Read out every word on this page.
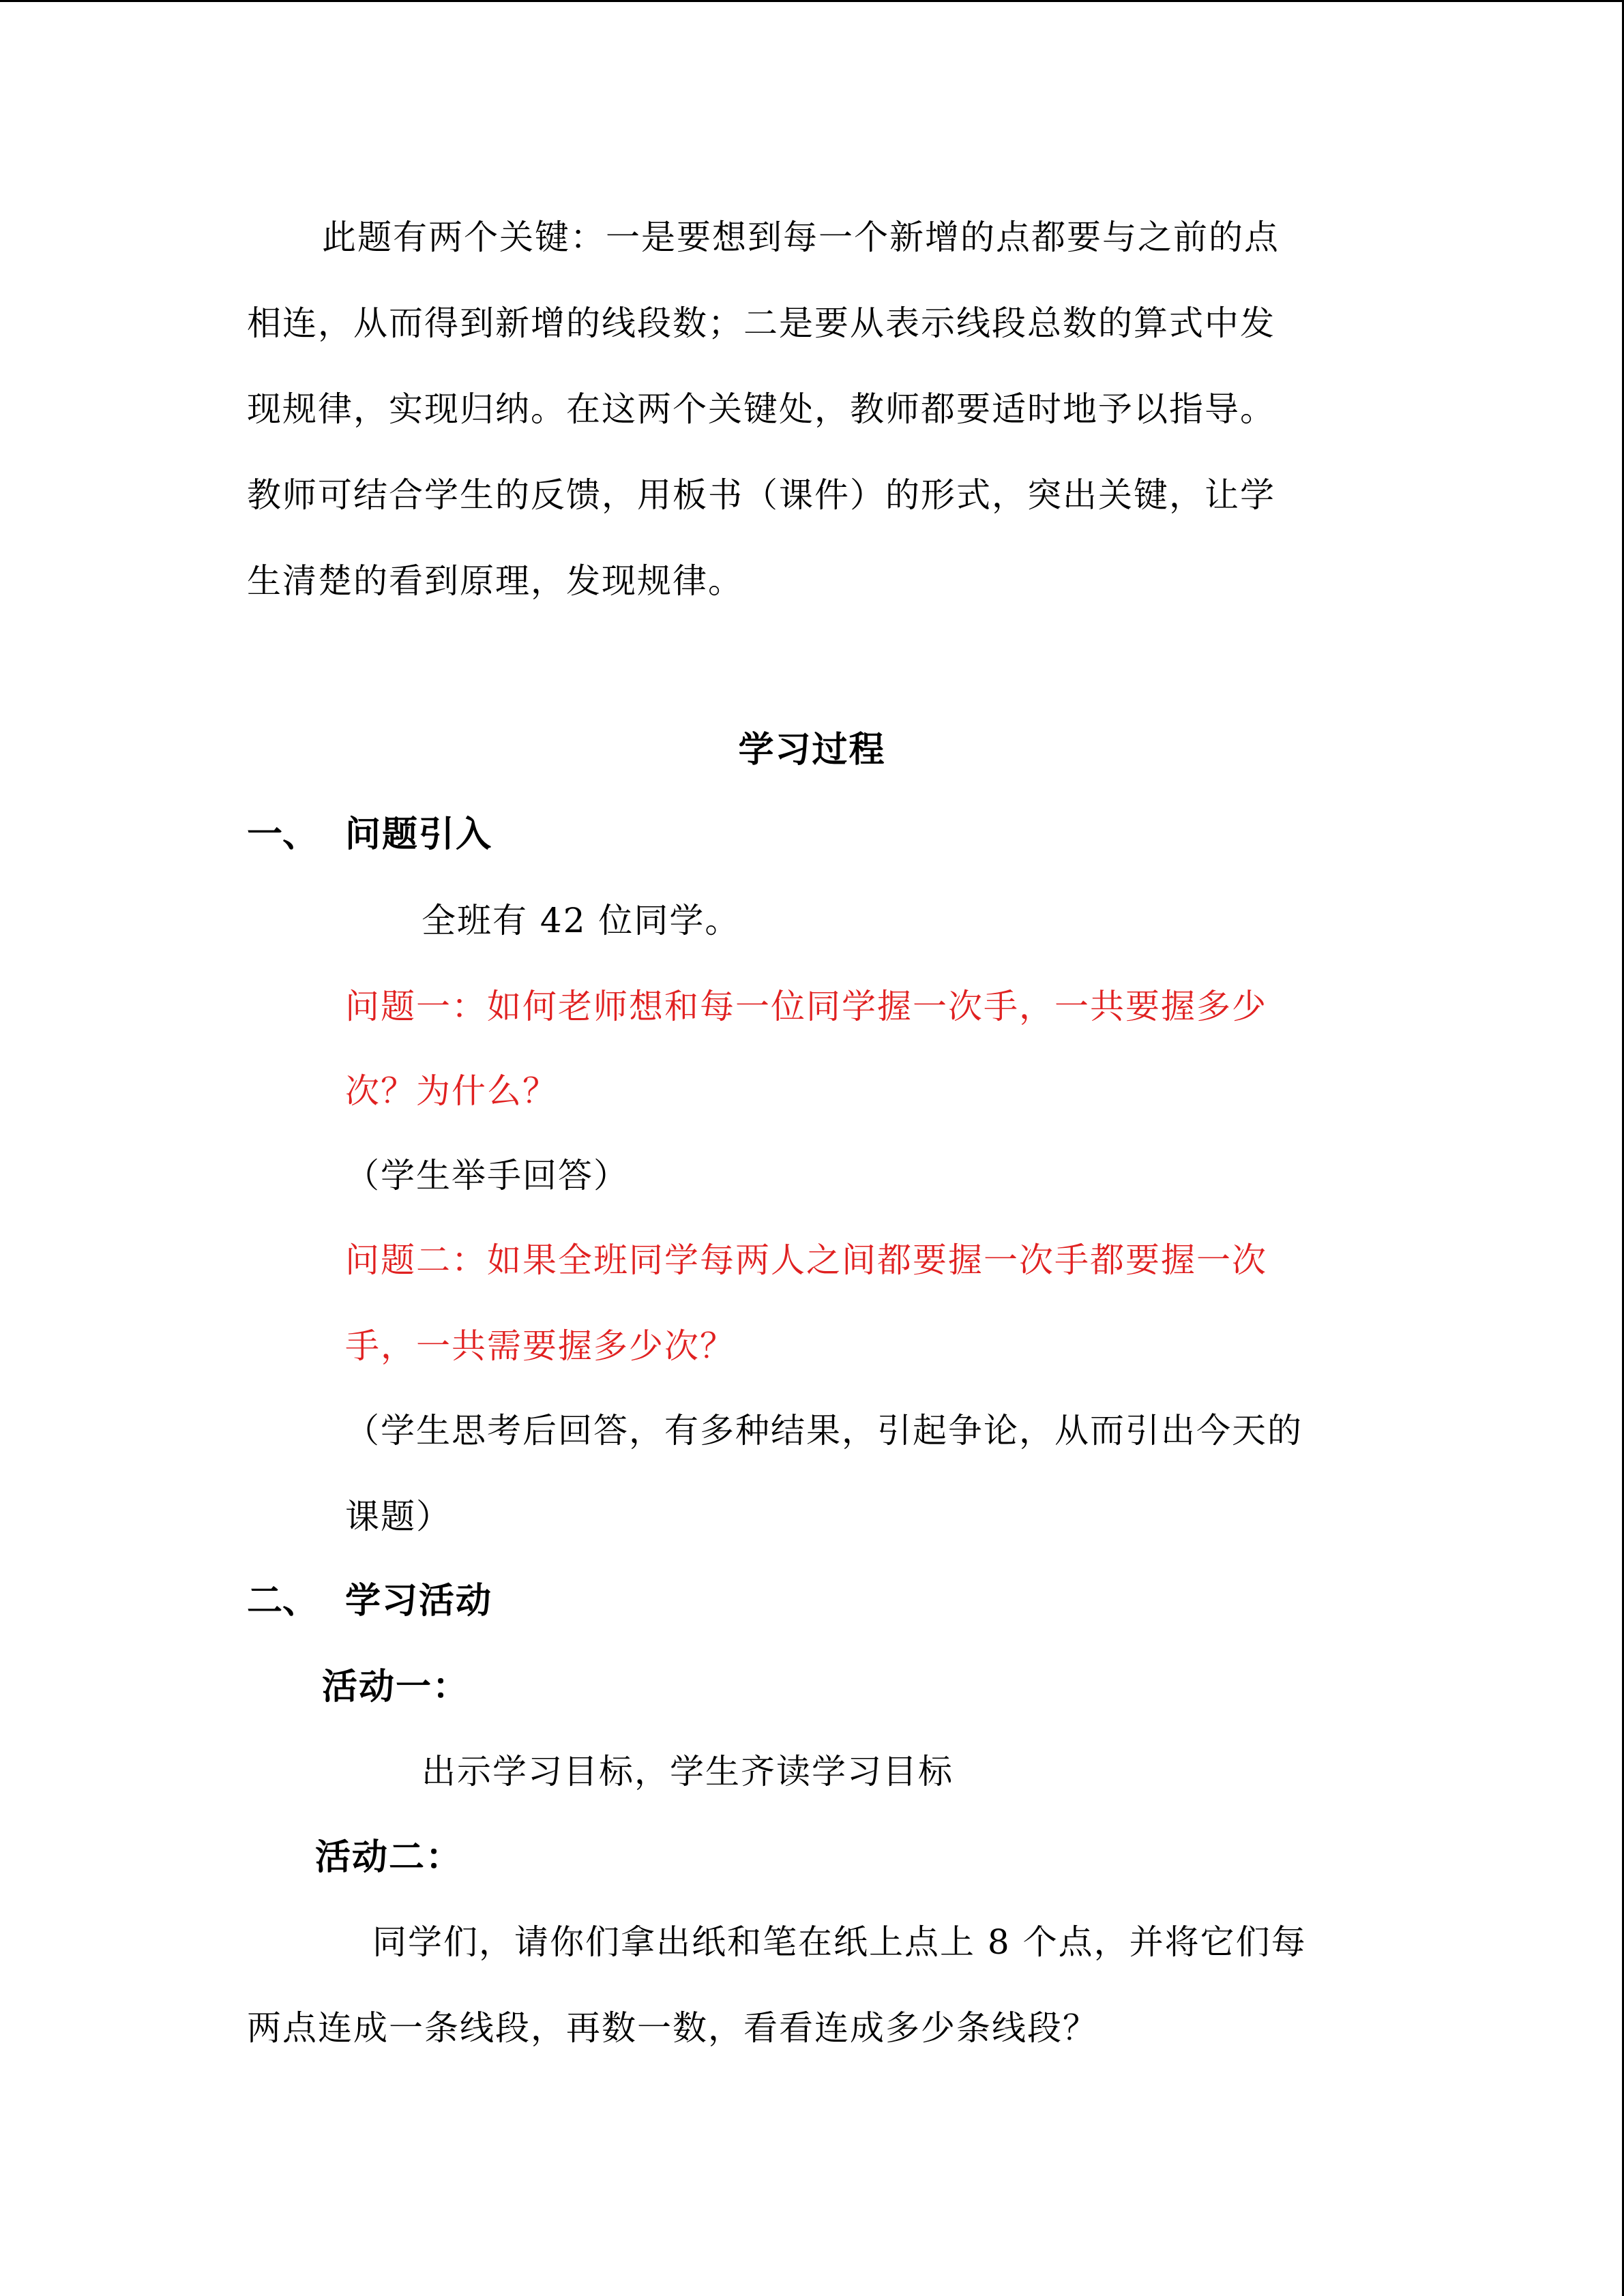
此题有两个关键：一是要想到每一个新增的点都要与之前的点
相连，从而得到新增的线段数；二是要从表示线段总数的算式中发
现规律，实现归纳。在这两个关键处，教师都要适时地予以指导。
教师可结合学生的反馈，用板书（课件）的形式，突出关键，让学
生清楚的看到原理，发现规律。
学习过程
一、 问题引入
全班有 42 位同学。
问题一：如何老师想和每一位同学握一次手，一共要握多少
次？为什么？
（学生举手回答）
问题二：如果全班同学每两人之间都要握一次手都要握一次
手，一共需要握多少次？
（学生思考后回答，有多种结果，引起争论，从而引出今天的
课题）
二、 学习活动
活动一：
出示学习目标，学生齐读学习目标
活动二：
同学们，请你们拿出纸和笔在纸上点上 8 个点，并将它们每
两点连成一条线段，再数一数，看看连成多少条线段？
